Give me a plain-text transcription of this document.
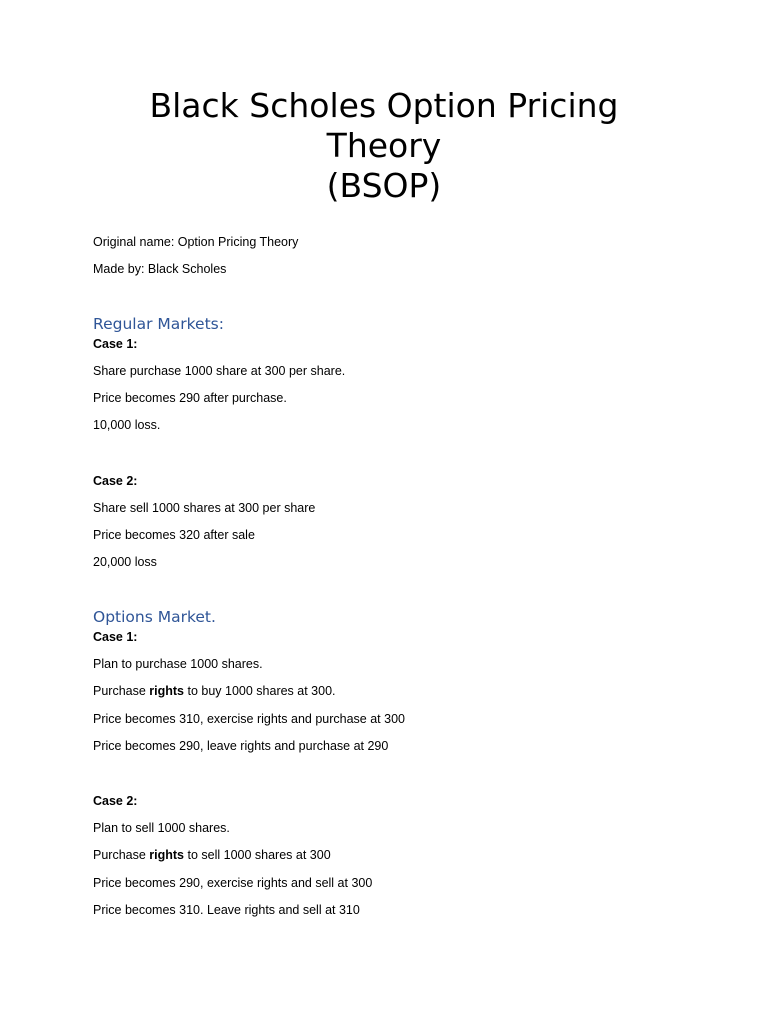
Black Scholes Option Pricing
Theory
(BSOP)
Original name: Option Pricing Theory
Made by: Black Scholes
Regular Markets:
Case 1:
Share purchase 1000 share at 300 per share.
Price becomes 290 after purchase.
10,000 loss.
Case 2:
Share sell 1000 shares at 300 per share
Price becomes 320 after sale
20,000 loss
Options Market.
Case 1:
Plan to purchase 1000 shares.
Purchase rights to buy 1000 shares at 300.
Price becomes 310, exercise rights and purchase at 300
Price becomes 290, leave rights and purchase at 290
Case 2:
Plan to sell 1000 shares.
Purchase rights to sell 1000 shares at 300
Price becomes 290, exercise rights and sell at 300
Price becomes 310. Leave rights and sell at 310
